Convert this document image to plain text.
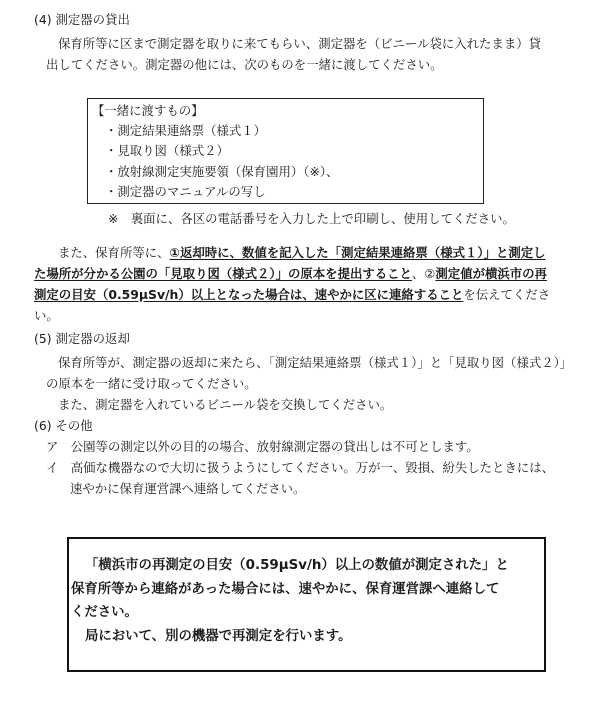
(4) 測定器の貸出
保育所等に区まで測定器を取りに来てもらい、測定器を（ビニール袋に入れたまま）貸
出してください。測定器の他には、次のものを一緒に渡してください。
【一緒に渡すもの】
・測定結果連絡票（様式１）
・見取り図（様式２）
・放射線測定実施要領（保育園用）（※）、
・測定器のマニュアルの写し
※　裏面に、各区の電話番号を入力した上で印刷し、使用してください。
また、保育所等に、①返却時に、数値を記入した「測定結果連絡票（様式１）」と測定し
た場所が分かる公園の「見取り図（様式２）」の原本を提出すること、②測定値が横浜市の再
測定の目安（0.59μSv/h）以上となった場合は、速やかに区に連絡することを伝えてくださ
い。
(5) 測定器の返却
保育所等が、測定器の返却に来たら、「測定結果連絡票（様式１）」と「見取り図（様式２）」
の原本を一緒に受け取ってください。
また、測定器を入れているビニール袋を交換してください。
(6) その他
ア　公園等の測定以外の目的の場合、放射線測定器の貸出しは不可とします。
イ　高価な機器なので大切に扱うようにしてください。万が一、毀損、紛失したときには、
速やかに保育運営課へ連絡してください。
「横浜市の再測定の目安（0.59μSv/h）以上の数値が測定された」と
保育所等から連絡があった場合には、速やかに、保育運営課へ連絡して
ください。
局において、別の機器で再測定を行います。
